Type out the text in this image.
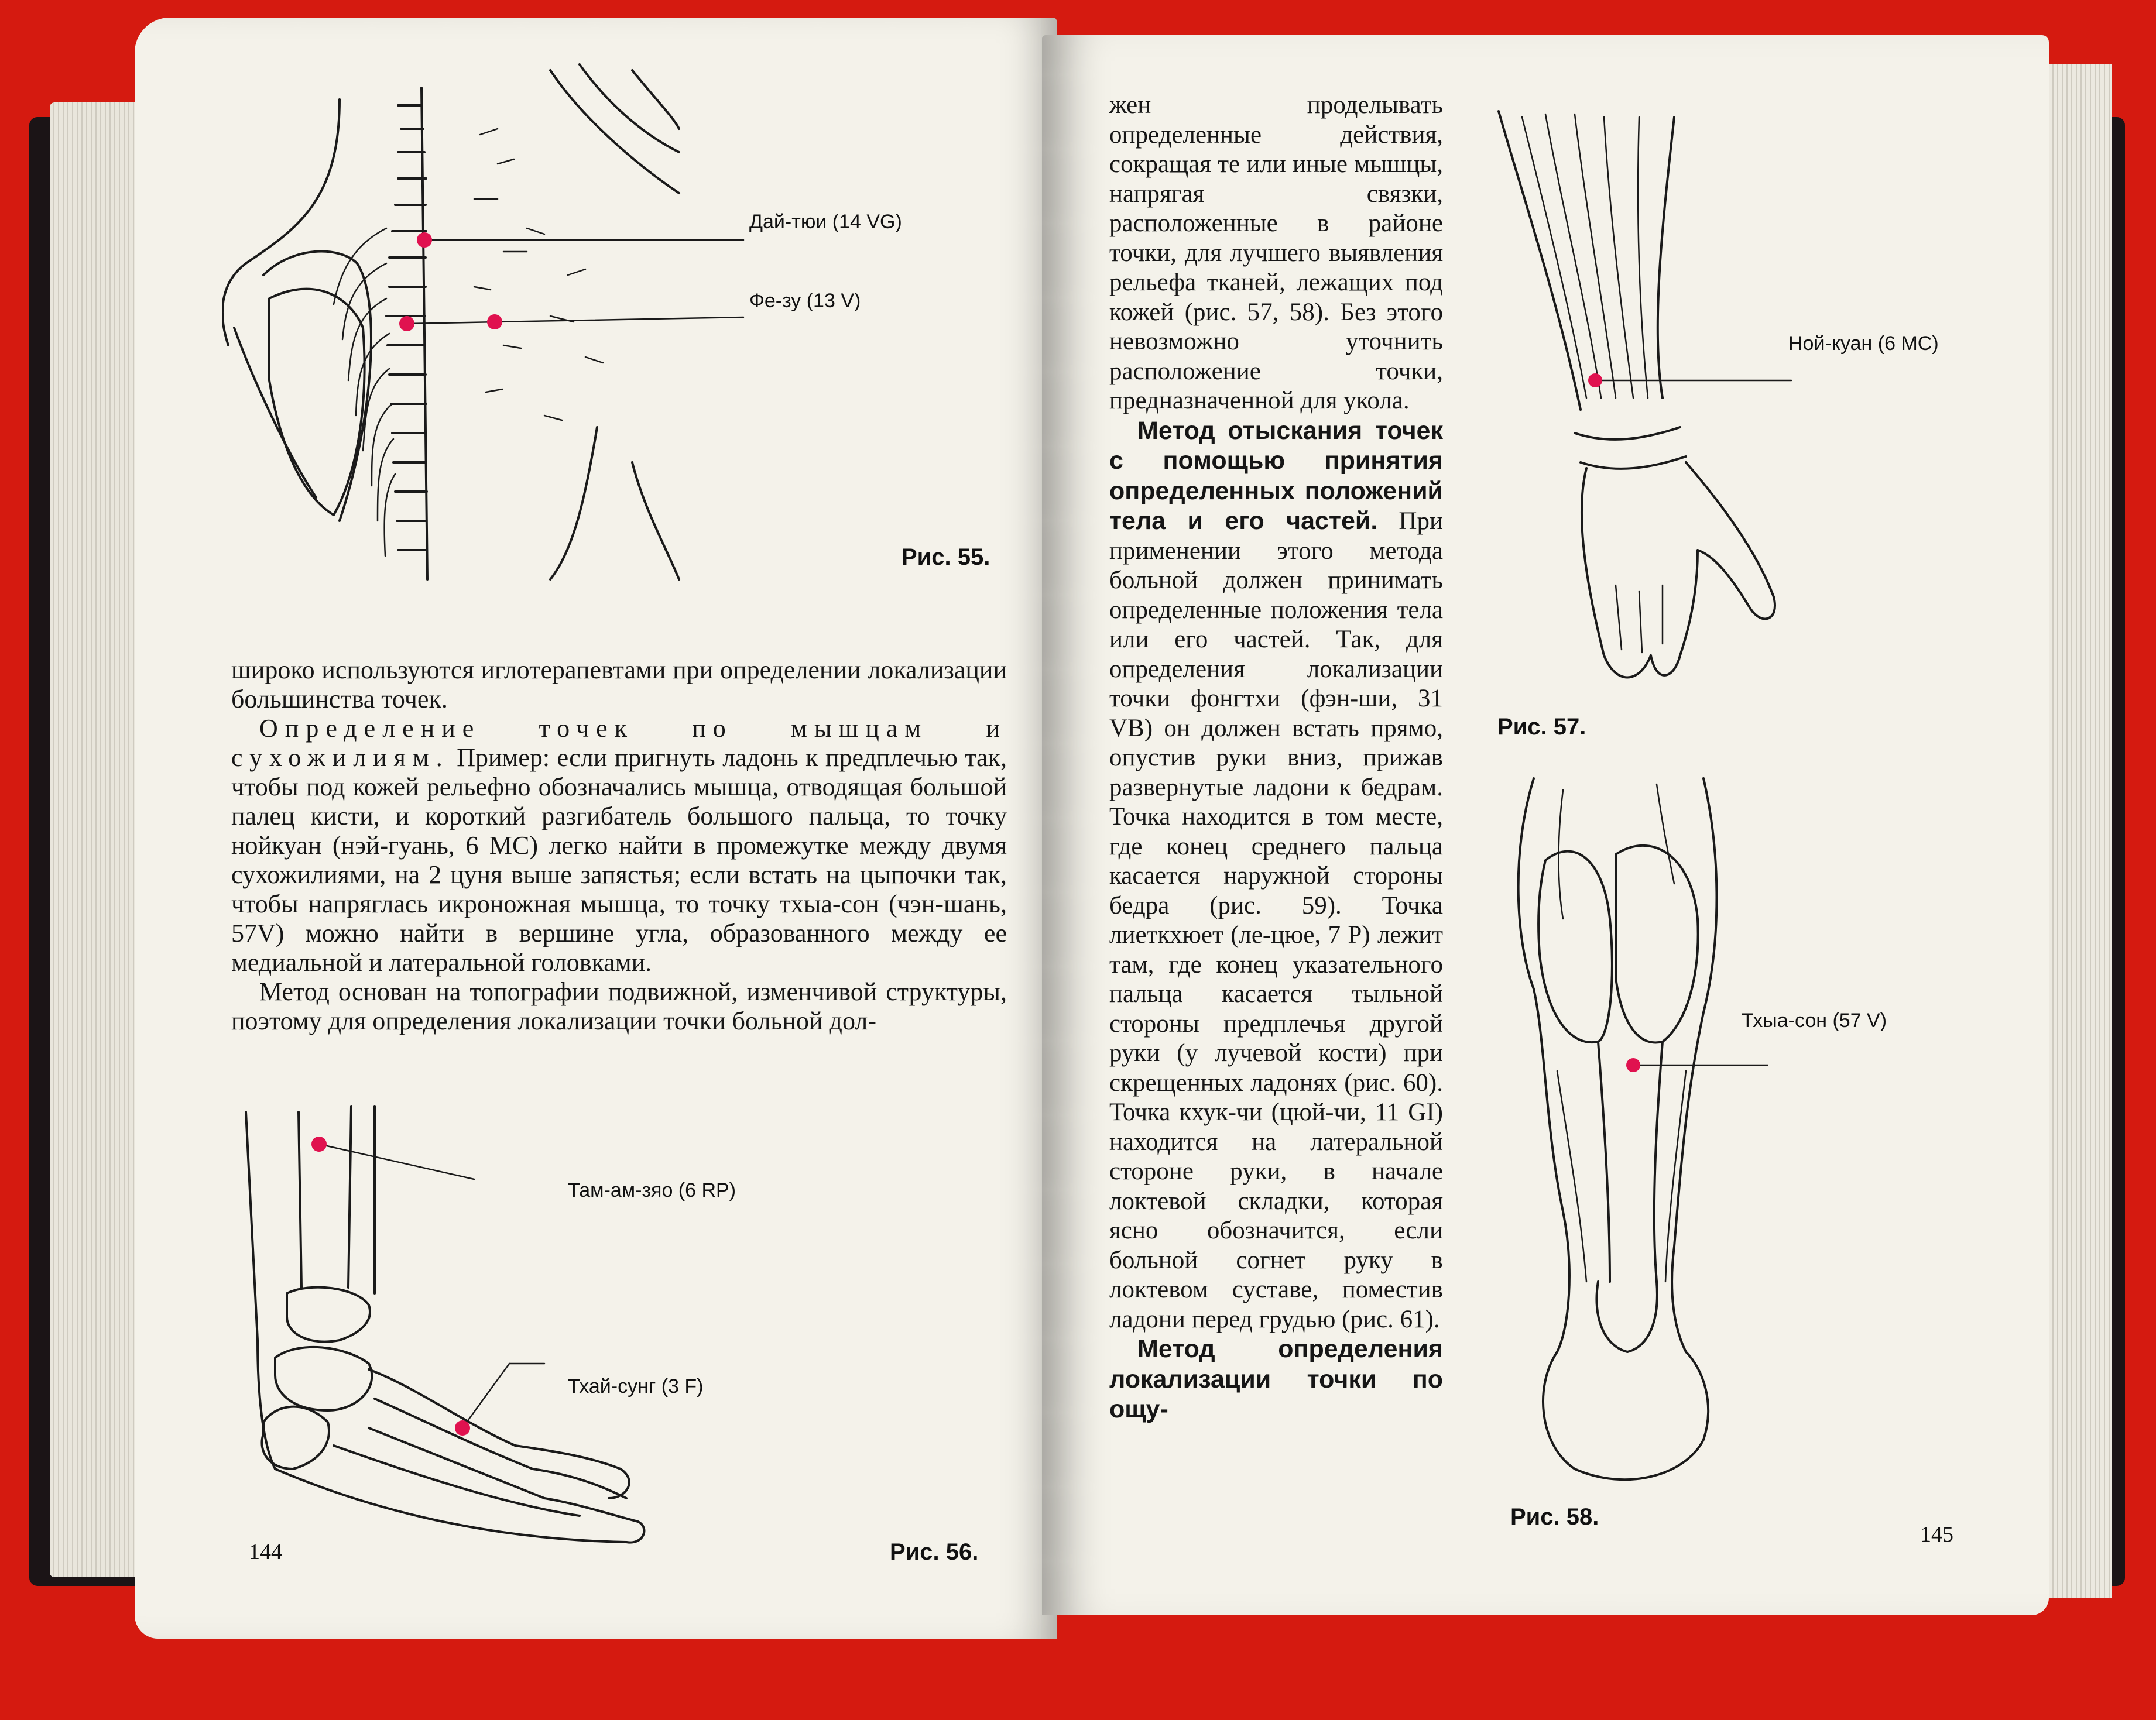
Дай-тюи (14 VG)
Фе-зу (13 V)
Рис. 55.

широко используются иглотерапевтами при определении локализации большинства точек.

Определение точек по мышцам и сухожилиям. Пример: если пригнуть ладонь к предплечью так, чтобы под кожей рельефно обозначались мышца, отводящая большой палец кисти, и короткий разгибатель большого пальца, то точку нойкуан (нэй-гуань, 6 МС) легко найти в промежутке между двумя сухожилиями, на 2 цуня выше запястья; если встать на цыпочки так, чтобы напряглась икроножная мышца, то точку тхыа-сон (чэн-шань, 57V) можно найти в вершине угла, образованного между ее медиальной и латеральной головками.

Метод основан на топографии подвижной, изменчивой структуры, поэтому для определения локализации точки больной дол-

Там-ам-зяо (6 RP)
Тхай-сунг (3 F)
Рис. 56.
144

жен проделывать определенные действия, сокращая те или иные мышцы, напрягая связки, расположенные в районе точки, для лучшего выявления рельефа тканей, лежащих под кожей (рис. 57, 58). Без этого невозможно уточнить расположение точки, предназначенной для укола.

Метод отыскания точек с помощью принятия определенных положений тела и его частей. При применении этого метода больной должен принимать определенные положения тела или его частей. Так, для определения локализации точки фонгтхи (фэн-ши, 31 VB) он должен встать прямо, опустив руки вниз, прижав развернутые ладони к бедрам. Точка находится в том месте, где конец среднего пальца касается наружной стороны бедра (рис. 59). Точка лиеткхюет (ле-цюе, 7 Р) лежит там, где конец указательного пальца касается тыльной стороны предплечья другой руки (у лучевой кости) при скрещенных ладонях (рис. 60). Точка кхук-чи (цюй-чи, 11 GI) находится на латеральной стороне руки, в начале локтевой складки, которая ясно обозначится, если больной согнет руку в локтевом суставе, поместив ладони перед грудью (рис. 61).

Метод определения локализации точки по ощу-

Ной-куан (6 МС)
Рис. 57.
Тхыа-сон (57 V)
Рис. 58.
145
